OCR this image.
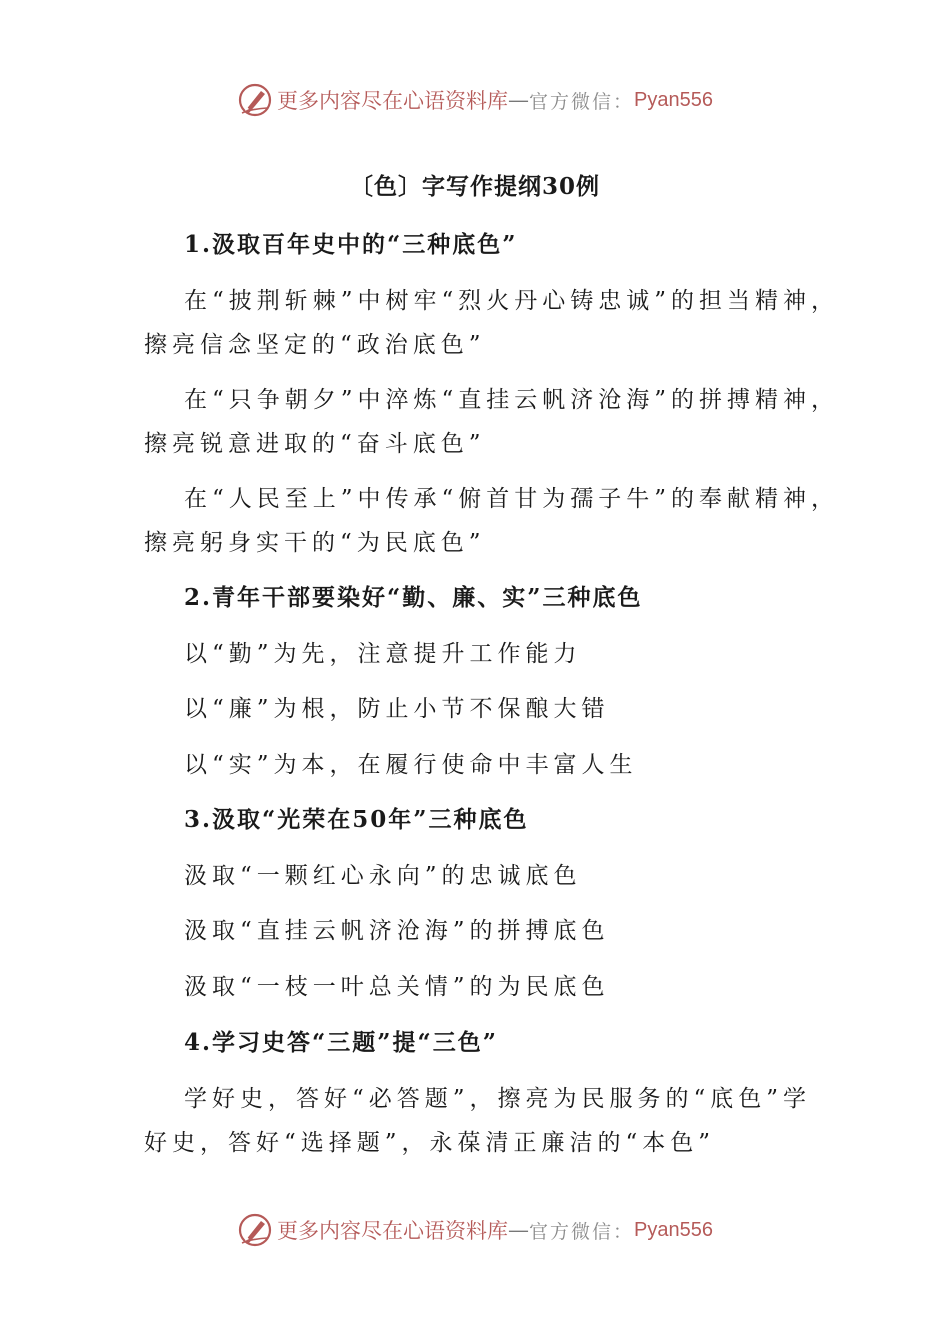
更多内容尽在心语资料库 — 官方微信： Pyan556
〔色〕字写作提纲30例
1.汲取百年史中的“三种底色”
在“披荆斩棘”中树牢“烈火丹心铸忠诚”的担当精神，
擦亮信念坚定的“政治底色”
在“只争朝夕”中淬炼“直挂云帆济沧海”的拼搏精神，
擦亮锐意进取的“奋斗底色”
在“人民至上”中传承“俯首甘为孺子牛”的奉献精神，
擦亮躬身实干的“为民底色”
2.青年干部要染好“勤、廉、实”三种底色
以“勤”为先，注意提升工作能力
以“廉”为根，防止小节不保酿大错
以“实”为本，在履行使命中丰富人生
3.汲取“光荣在50年”三种底色
汲取“一颗红心永向”的忠诚底色
汲取“直挂云帆济沧海”的拼搏底色
汲取“一枝一叶总关情”的为民底色
4.学习史答“三题”提“三色”
学好史，答好“必答题”，擦亮为民服务的“底色”学
好史，答好“选择题”，永葆清正廉洁的“本色”
更多内容尽在心语资料库 — 官方微信： Pyan556
